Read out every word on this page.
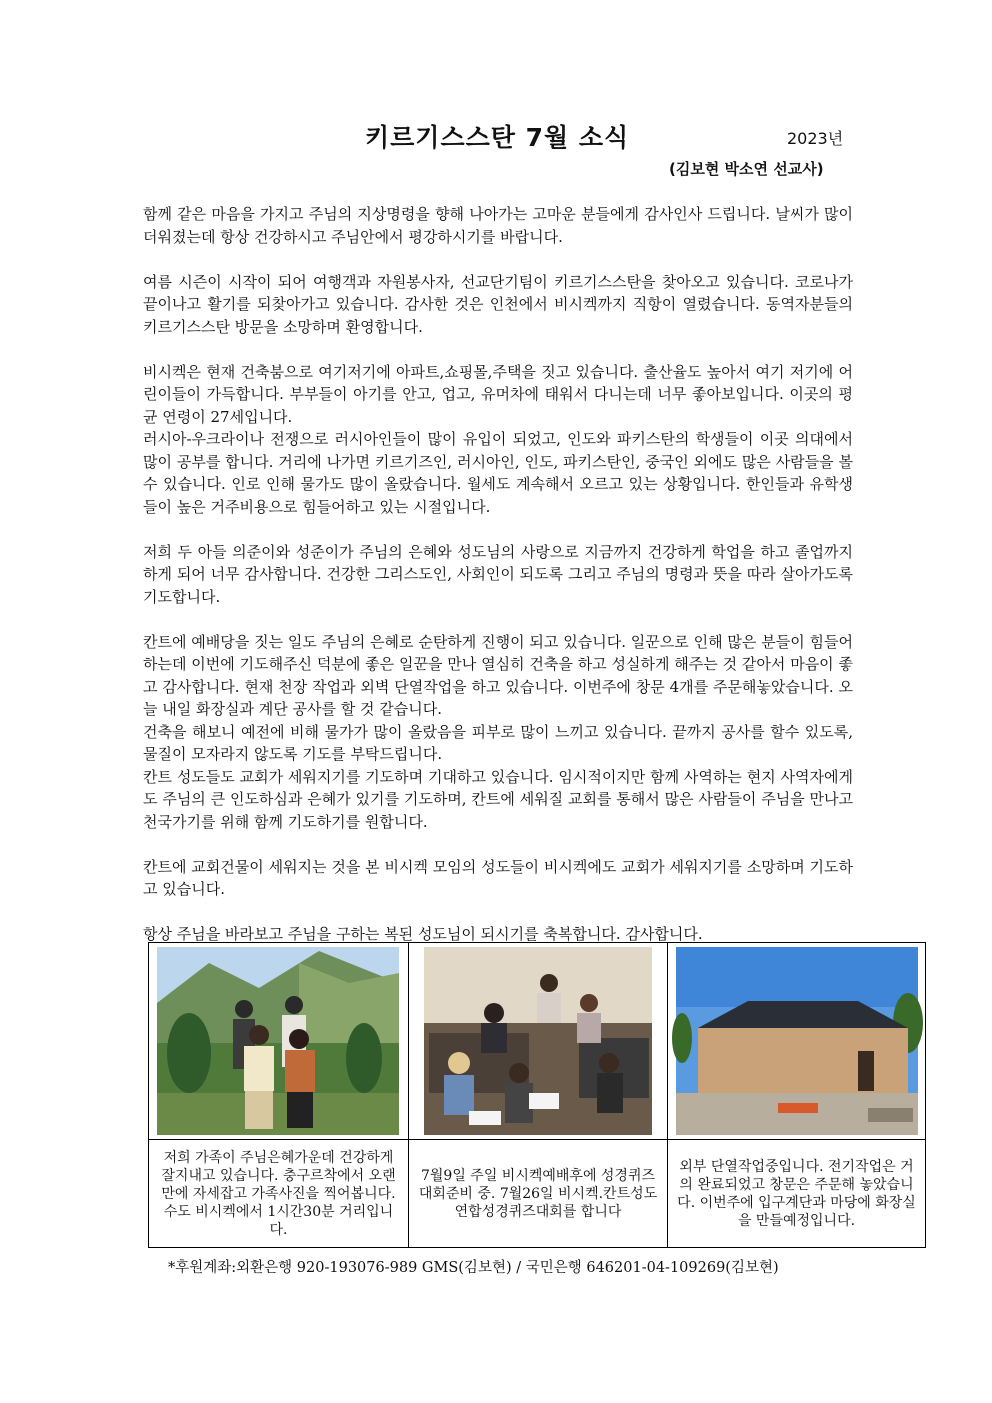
키르기스스탄 7월 소식	2023년
(김보현 박소연 선교사)

함께 같은 마음을 가지고 주님의 지상명령을 향해 나아가는 고마운 분들에게 감사인사 드립니다. 날씨가 많이 더워졌는데 항상 건강하시고 주님안에서 평강하시기를 바랍니다.

여름 시즌이 시작이 되어 여행객과 자원봉사자, 선교단기팀이 키르기스스탄을 찾아오고 있습니다. 코로나가 끝이나고 활기를 되찾아가고 있습니다. 감사한 것은 인천에서 비시켁까지 직항이 열렸습니다. 동역자분들의 키르기스스탄 방문을 소망하며 환영합니다.

비시켁은 현재 건축붐으로 여기저기에 아파트,쇼핑몰,주택을 짓고 있습니다. 출산율도 높아서 여기 저기에 어린이들이 가득합니다. 부부들이 아기를 안고, 업고, 유머차에 태워서 다니는데 너무 좋아보입니다. 이곳의 평균 연령이 27세입니다.

러시아-우크라이나 전쟁으로 러시아인들이 많이 유입이 되었고, 인도와 파키스탄의 학생들이 이곳 의대에서 많이 공부를 합니다. 거리에 나가면 키르기즈인, 러시아인, 인도, 파키스탄인, 중국인 외에도 많은 사람들을 볼수 있습니다. 인로 인해 물가도 많이 올랐습니다. 월세도 계속해서 오르고 있는 상황입니다. 한인들과 유학생들이 높은 거주비용으로 힘들어하고 있는 시절입니다.

저희 두 아들 의준이와 성준이가 주님의 은혜와 성도님의 사랑으로 지금까지 건강하게 학업을 하고 졸업까지 하게 되어 너무 감사합니다. 건강한 그리스도인, 사회인이 되도록 그리고 주님의 명령과 뜻을 따라 살아가도록 기도합니다.

칸트에 예배당을 짓는 일도 주님의 은혜로 순탄하게 진행이 되고 있습니다. 일꾼으로 인해 많은 분들이 힘들어하는데 이번에 기도해주신 덕분에 좋은 일꾼을 만나 열심히 건축을 하고 성실하게 해주는 것 같아서 마음이 좋고 감사합니다. 현재 천장 작업과 외벽 단열작업을 하고 있습니다. 이번주에 창문 4개를 주문해놓았습니다. 오늘 내일 화장실과 계단 공사를 할 것 같습니다.

건축을 해보니 예전에 비해 물가가 많이 올랐음을 피부로 많이 느끼고 있습니다. 끝까지 공사를 할수 있도록, 물질이 모자라지 않도록 기도를 부탁드립니다.

칸트 성도들도 교회가 세워지기를 기도하며 기대하고 있습니다. 임시적이지만 함께 사역하는 현지 사역자에게도 주님의 큰 인도하심과 은혜가 있기를 기도하며, 칸트에 세워질 교회를 통해서 많은 사람들이 주님을 만나고 천국가기를 위해 함께 기도하기를 원합니다.

칸트에 교회건물이 세워지는 것을 본 비시켁 모임의 성도들이 비시켁에도 교회가 세워지기를 소망하며 기도하고 있습니다.

항상 주님을 바라보고 주님을 구하는 복된 성도님이 되시기를 축복합니다. 감사합니다.

저희 가족이 주님은혜가운데 건강하게 잘지내고 있습니다. 충구르착에서 오랜만에 자세잡고 가족사진을 찍어봅니다. 수도 비시켁에서 1시간30분 거리입니다.
7월9일 주일 비시켁예배후에 성경퀴즈대회준비 중. 7월26일 비시켁.칸트성도 연합성경퀴즈대회를 합니다
외부 단열작업중입니다. 전기작업은 거의 완료되었고 창문은 주문해 놓았습니다. 이번주에 입구계단과 마당에 화장실을 만들예정입니다.
*후원계좌:외환은행 920-193076-989 GMS(김보현) / 국민은행 646201-04-109269(김보현)
